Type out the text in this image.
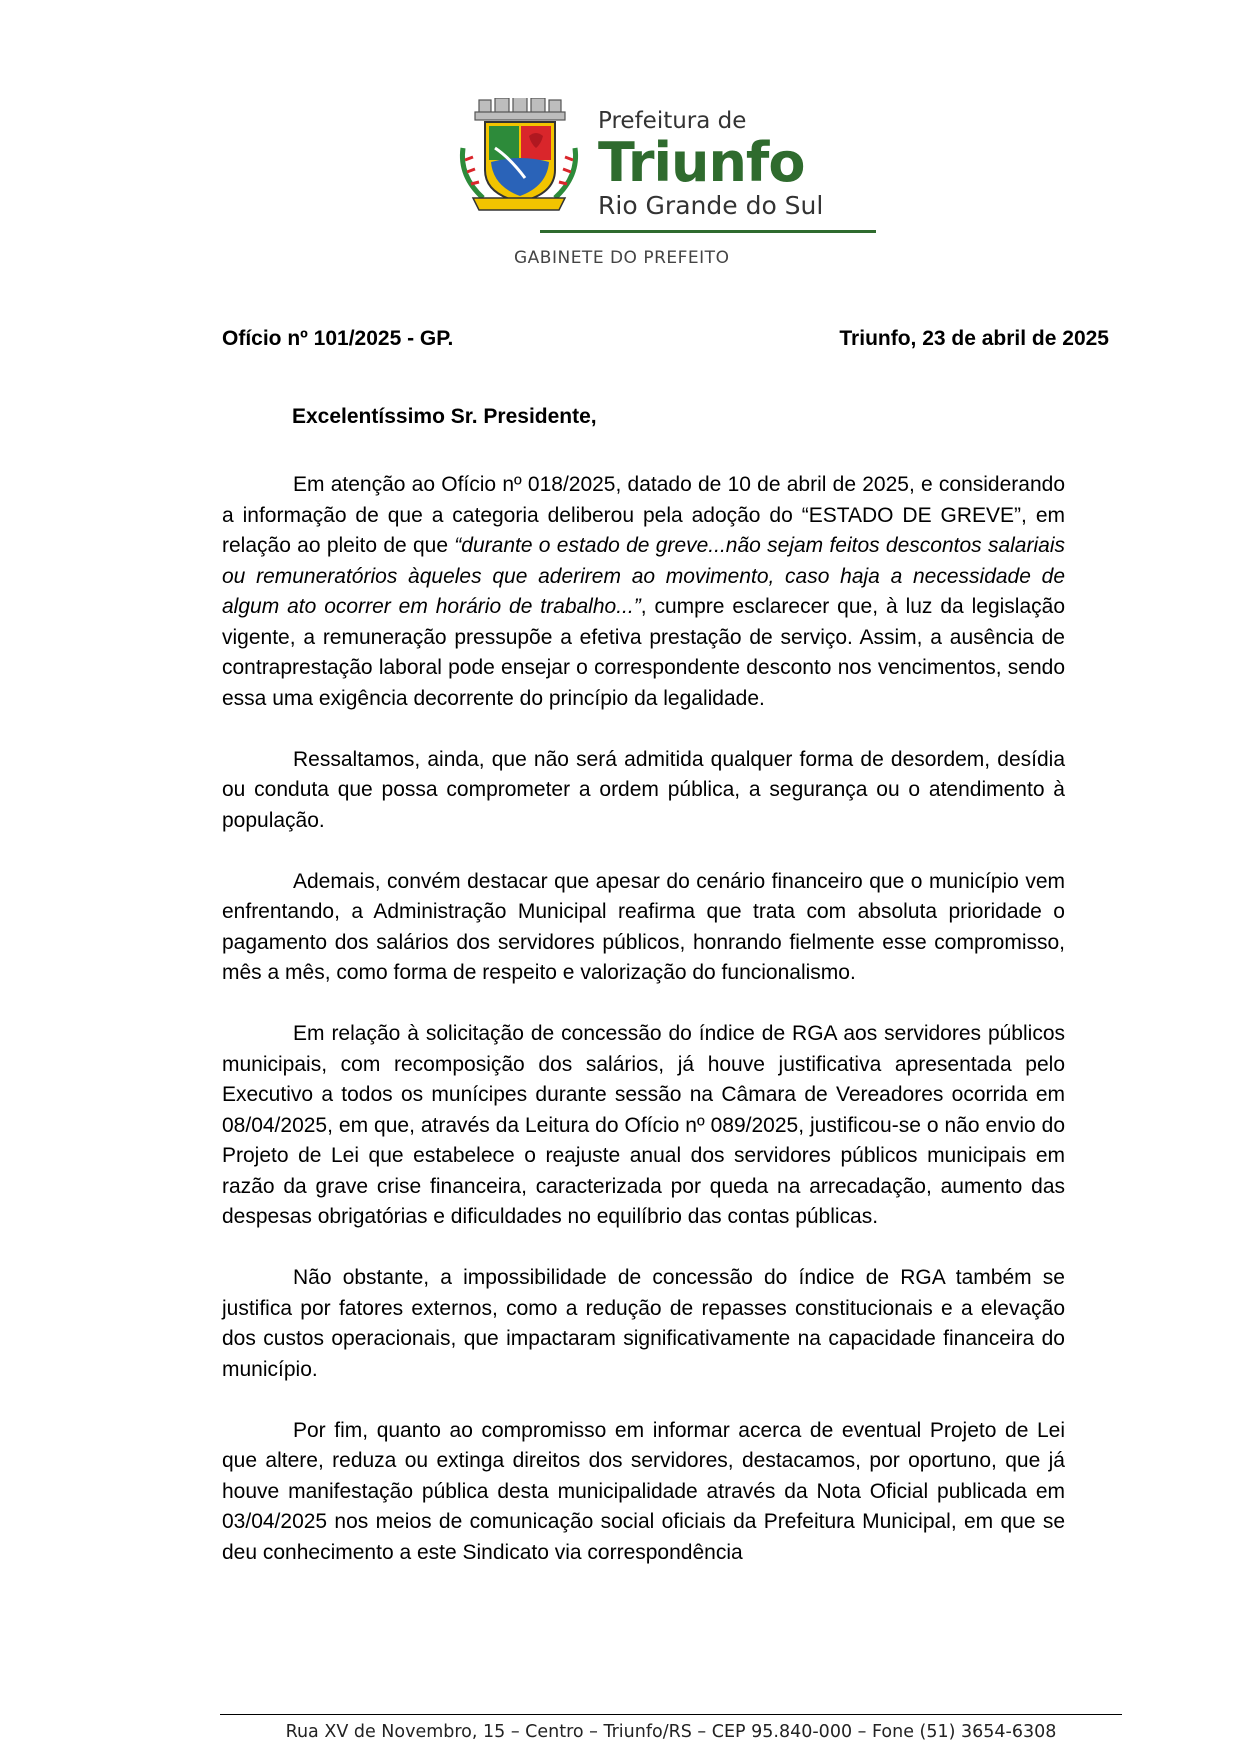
Prefeitura de
Triunfo
Rio Grande do Sul
GABINETE DO PREFEITO
Ofício nº 101/2025 - GP.	Triunfo, 23 de abril de 2025
Excelentíssimo Sr. Presidente,

Em atenção ao Ofício nº 018/2025, datado de 10 de abril de 2025, e considerando a informação de que a categoria deliberou pela adoção do “ESTADO DE GREVE”, em relação ao pleito de que “durante o estado de greve...não sejam feitos descontos salariais ou remuneratórios àqueles que aderirem ao movimento, caso haja a necessidade de algum ato ocorrer em horário de trabalho...”, cumpre esclarecer que, à luz da legislação vigente, a remuneração pressupõe a efetiva prestação de serviço. Assim, a ausência de contraprestação laboral pode ensejar o correspondente desconto nos vencimentos, sendo essa uma exigência decorrente do princípio da legalidade.

Ressaltamos, ainda, que não será admitida qualquer forma de desordem, desídia ou conduta que possa comprometer a ordem pública, a segurança ou o atendimento à população.

Ademais, convém destacar que apesar do cenário financeiro que o município vem enfrentando, a Administração Municipal reafirma que trata com absoluta prioridade o pagamento dos salários dos servidores públicos, honrando fielmente esse compromisso, mês a mês, como forma de respeito e valorização do funcionalismo.

Em relação à solicitação de concessão do índice de RGA aos servidores públicos municipais, com recomposição dos salários, já houve justificativa apresentada pelo Executivo a todos os munícipes durante sessão na Câmara de Vereadores ocorrida em 08/04/2025, em que, através da Leitura do Ofício nº 089/2025, justificou-se o não envio do Projeto de Lei que estabelece o reajuste anual dos servidores públicos municipais em razão da grave crise financeira, caracterizada por queda na arrecadação, aumento das despesas obrigatórias e dificuldades no equilíbrio das contas públicas.

Não obstante, a impossibilidade de concessão do índice de RGA também se justifica por fatores externos, como a redução de repasses constitucionais e a elevação dos custos operacionais, que impactaram significativamente na capacidade financeira do município.

Por fim, quanto ao compromisso em informar acerca de eventual Projeto de Lei que altere, reduza ou extinga direitos dos servidores, destacamos, por oportuno, que já houve manifestação pública desta municipalidade através da Nota Oficial publicada em 03/04/2025 nos meios de comunicação social oficiais da Prefeitura Municipal, em que se deu conhecimento a este Sindicato via correspondência

Rua XV de Novembro, 15 – Centro – Triunfo/RS – CEP 95.840-000 – Fone (51) 3654-6308
